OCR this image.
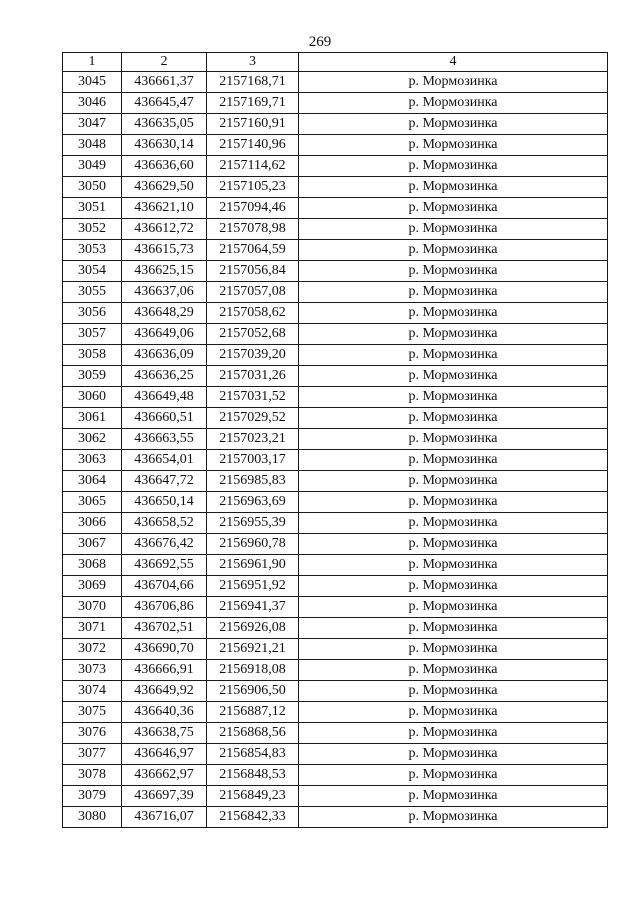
269
1	2	3	4
3045	436661,37	2157168,71	р. Мормозинка
3046	436645,47	2157169,71	р. Мормозинка
3047	436635,05	2157160,91	р. Мормозинка
3048	436630,14	2157140,96	р. Мормозинка
3049	436636,60	2157114,62	р. Мормозинка
3050	436629,50	2157105,23	р. Мормозинка
3051	436621,10	2157094,46	р. Мормозинка
3052	436612,72	2157078,98	р. Мормозинка
3053	436615,73	2157064,59	р. Мормозинка
3054	436625,15	2157056,84	р. Мормозинка
3055	436637,06	2157057,08	р. Мормозинка
3056	436648,29	2157058,62	р. Мормозинка
3057	436649,06	2157052,68	р. Мормозинка
3058	436636,09	2157039,20	р. Мормозинка
3059	436636,25	2157031,26	р. Мормозинка
3060	436649,48	2157031,52	р. Мормозинка
3061	436660,51	2157029,52	р. Мормозинка
3062	436663,55	2157023,21	р. Мормозинка
3063	436654,01	2157003,17	р. Мормозинка
3064	436647,72	2156985,83	р. Мормозинка
3065	436650,14	2156963,69	р. Мормозинка
3066	436658,52	2156955,39	р. Мормозинка
3067	436676,42	2156960,78	р. Мормозинка
3068	436692,55	2156961,90	р. Мормозинка
3069	436704,66	2156951,92	р. Мормозинка
3070	436706,86	2156941,37	р. Мормозинка
3071	436702,51	2156926,08	р. Мормозинка
3072	436690,70	2156921,21	р. Мормозинка
3073	436666,91	2156918,08	р. Мормозинка
3074	436649,92	2156906,50	р. Мормозинка
3075	436640,36	2156887,12	р. Мормозинка
3076	436638,75	2156868,56	р. Мормозинка
3077	436646,97	2156854,83	р. Мормозинка
3078	436662,97	2156848,53	р. Мормозинка
3079	436697,39	2156849,23	р. Мормозинка
3080	436716,07	2156842,33	р. Мормозинка
